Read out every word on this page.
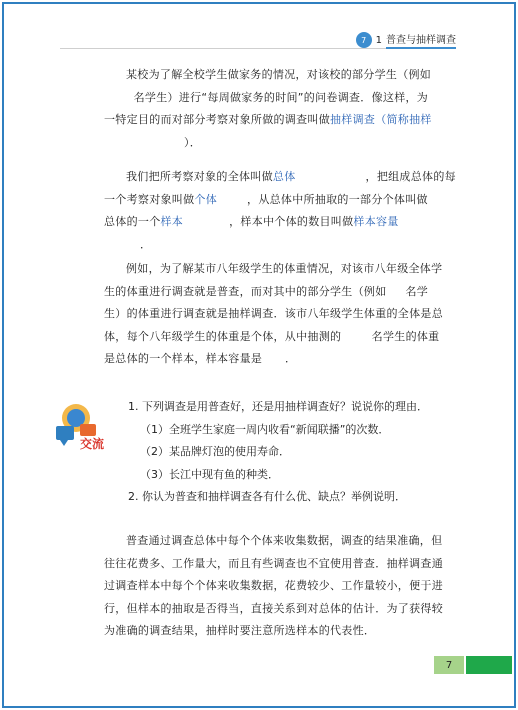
7 1 普查与抽样调查
某校为了解全校学生做家务的情况，对该校的部分学生（例如
名学生）进行“每周做家务的时间”的问卷调查．像这样，为
一特定目的而对部分考察对象所做的调查叫做抽样调查（简称抽样
）．
我们把所考察对象的全体叫做总体	，把组成总体的每
一个考察对象叫做个体	，从总体中所抽取的一部分个体叫做
总体的一个样本	，样本中个体的数目叫做样本容量
．
例如，为了解某市八年级学生的体重情况，对该市八年级全体学
生的体重进行调查就是普查，而对其中的部分学生（例如     名学
生）的体重进行调查就是抽样调查．该市八年级学生体重的全体是总
体，每个八年级学生的体重是个体，从中抽测的        名学生的体重
是总体的一个样本，样本容量是      ．
交流
1. 下列调查是用普查好，还是用抽样调查好？说说你的理由．
（1）全班学生家庭一周内收看“新闻联播”的次数．
（2）某品牌灯泡的使用寿命．
（3）长江中现有鱼的种类．
2. 你认为普查和抽样调查各有什么优、缺点？举例说明．
普查通过调查总体中每个个体来收集数据，调查的结果准确，但
往往花费多、工作量大，而且有些调查也不宜使用普查．抽样调查通
过调查样本中每个个体来收集数据，花费较少、工作量较小，便于进
行，但样本的抽取是否得当，直接关系到对总体的估计．为了获得较
为准确的调查结果，抽样时要注意所选样本的代表性．
7
